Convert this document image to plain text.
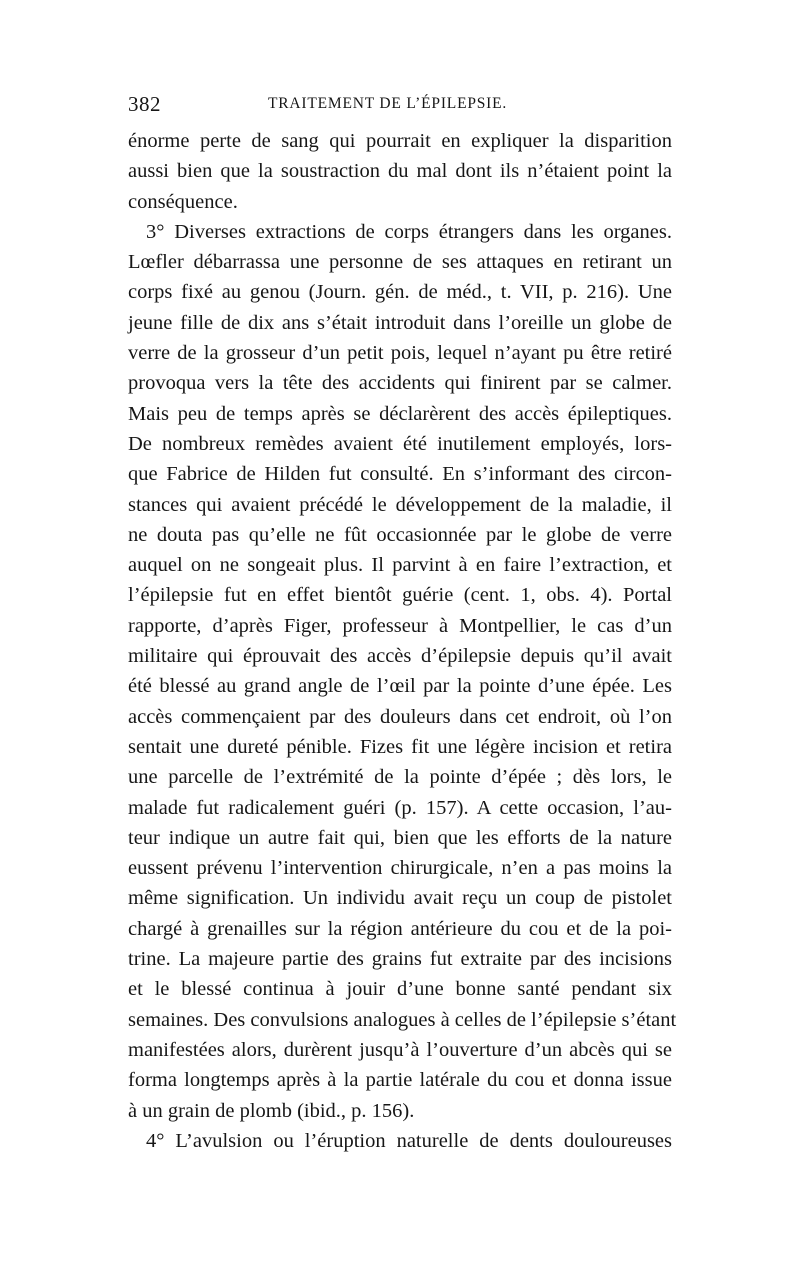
382	TRAITEMENT DE L’ÉPILEPSIE.
énorme perte de sang qui pourrait en expliquer la disparition
aussi bien que la soustraction du mal dont ils n’étaient point la
conséquence.
3° Diverses extractions de corps étrangers dans les organes.
Lœfler débarrassa une personne de ses attaques en retirant un
corps fixé au genou (Journ. gén. de méd., t. VII, p. 216). Une
jeune fille de dix ans s’était introduit dans l’oreille un globe de
verre de la grosseur d’un petit pois, lequel n’ayant pu être retiré
provoqua vers la tête des accidents qui finirent par se calmer.
Mais peu de temps après se déclarèrent des accès épileptiques.
De nombreux remèdes avaient été inutilement employés, lors-
que Fabrice de Hilden fut consulté. En s’informant des circon-
stances qui avaient précédé le développement de la maladie, il
ne douta pas qu’elle ne fût occasionnée par le globe de verre
auquel on ne songeait plus. Il parvint à en faire l’extraction, et
l’épilepsie fut en effet bientôt guérie (cent. 1, obs. 4). Portal
rapporte, d’après Figer, professeur à Montpellier, le cas d’un
militaire qui éprouvait des accès d’épilepsie depuis qu’il avait
été blessé au grand angle de l’œil par la pointe d’une épée. Les
accès commençaient par des douleurs dans cet endroit, où l’on
sentait une dureté pénible. Fizes fit une légère incision et retira
une parcelle de l’extrémité de la pointe d’épée ; dès lors, le
malade fut radicalement guéri (p. 157). A cette occasion, l’au-
teur indique un autre fait qui, bien que les efforts de la nature
eussent prévenu l’intervention chirurgicale, n’en a pas moins la
même signification. Un individu avait reçu un coup de pistolet
chargé à grenailles sur la région antérieure du cou et de la poi-
trine. La majeure partie des grains fut extraite par des incisions
et le blessé continua à jouir d’une bonne santé pendant six
semaines. Des convulsions analogues à celles de l’épilepsie s’étant
manifestées alors, durèrent jusqu’à l’ouverture d’un abcès qui se
forma longtemps après à la partie latérale du cou et donna issue
à un grain de plomb (ibid., p. 156).
4° L’avulsion ou l’éruption naturelle de dents douloureuses
